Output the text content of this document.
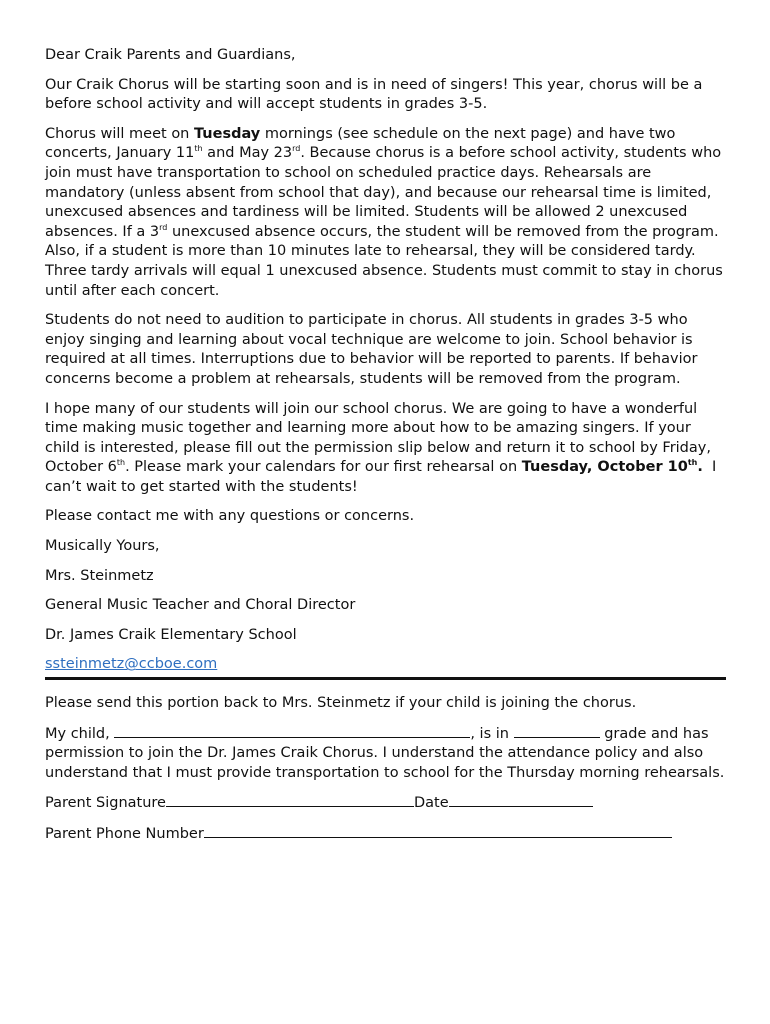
Dear Craik Parents and Guardians,

Our Craik Chorus will be starting soon and is in need of singers! This year, chorus will be a before school activity and will accept students in grades 3-5.

Chorus will meet on Tuesday mornings (see schedule on the next page) and have two concerts, January 11th and May 23rd. Because chorus is a before school activity, students who join must have transportation to school on scheduled practice days. Rehearsals are mandatory (unless absent from school that day), and because our rehearsal time is limited, unexcused absences and tardiness will be limited. Students will be allowed 2 unexcused absences. If a 3rd unexcused absence occurs, the student will be removed from the program. Also, if a student is more than 10 minutes late to rehearsal, they will be considered tardy. Three tardy arrivals will equal 1 unexcused absence. Students must commit to stay in chorus until after each concert.

Students do not need to audition to participate in chorus. All students in grades 3-5 who enjoy singing and learning about vocal technique are welcome to join. School behavior is required at all times. Interruptions due to behavior will be reported to parents. If behavior concerns become a problem at rehearsals, students will be removed from the program.

I hope many of our students will join our school chorus. We are going to have a wonderful time making music together and learning more about how to be amazing singers. If your child is interested, please fill out the permission slip below and return it to school by Friday, October 6th. Please mark your calendars for our first rehearsal on Tuesday, October 10th.  I can’t wait to get started with the students!

Please contact me with any questions or concerns.

Musically Yours,

Mrs. Steinmetz

General Music Teacher and Choral Director

Dr. James Craik Elementary School

ssteinmetz@ccboe.com

Please send this portion back to Mrs. Steinmetz if your child is joining the chorus.

My child,	, is in	grade and has permission to join the Dr. James Craik Chorus. I understand the attendance policy and also understand that I must provide transportation to school for the Thursday morning rehearsals.

Parent Signature	Date

Parent Phone Number
